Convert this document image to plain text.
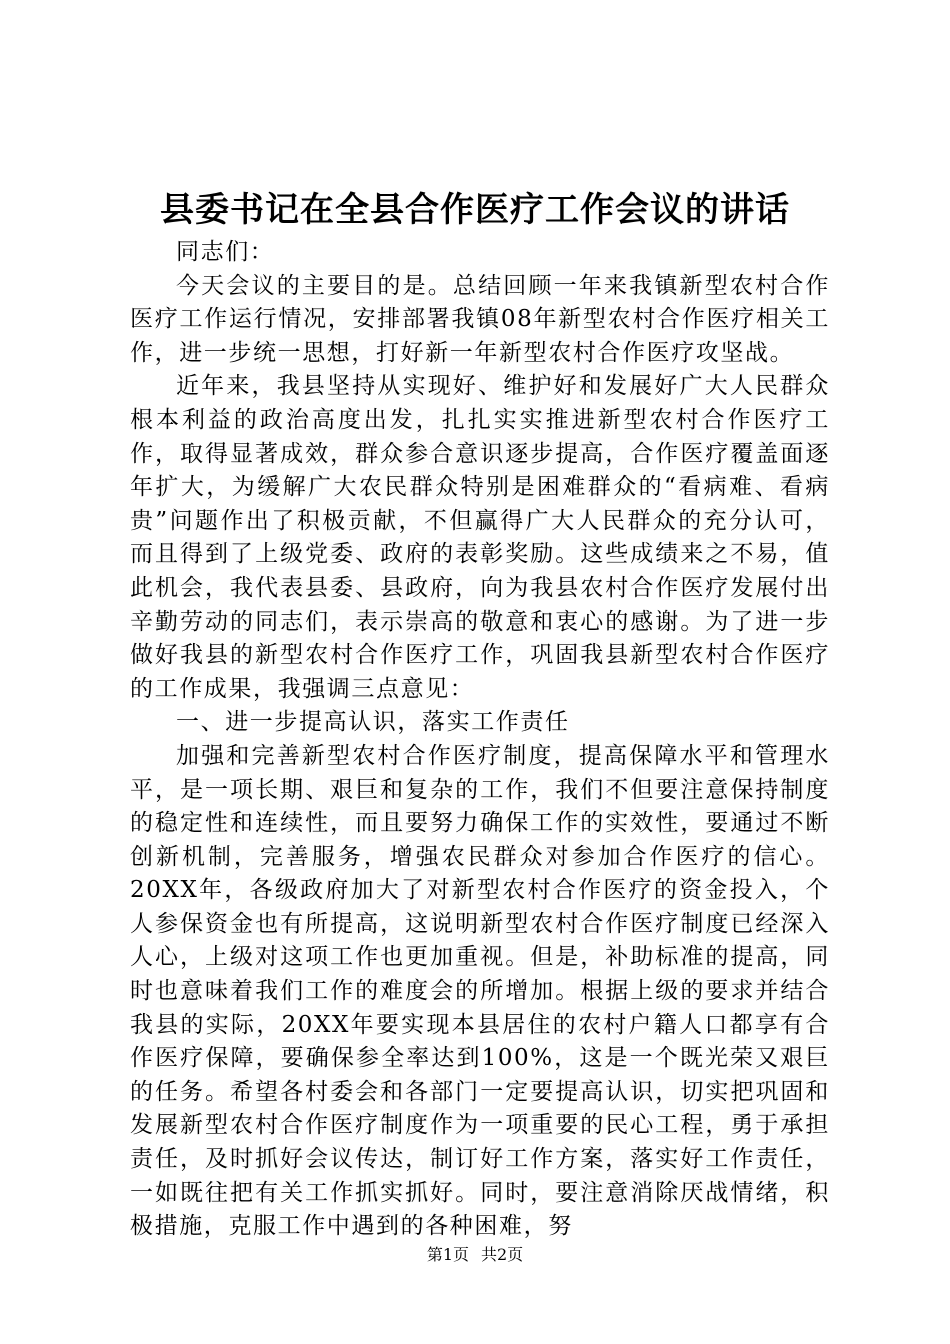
县委书记在全县合作医疗工作会议的讲话

同志们：

今天会议的主要目的是。总结回顾一年来我镇新型农村合作医疗工作运行情况，安排部署我镇08年新型农村合作医疗相关工作，进一步统一思想，打好新一年新型农村合作医疗攻坚战。

近年来，我县坚持从实现好、维护好和发展好广大人民群众根本利益的政治高度出发，扎扎实实推进新型农村合作医疗工作，取得显著成效，群众参合意识逐步提高，合作医疗覆盖面逐年扩大，为缓解广大农民群众特别是困难群众的“看病难、看病贵”问题作出了积极贡献，不但赢得广大人民群众的充分认可，而且得到了上级党委、政府的表彰奖励。这些成绩来之不易，值此机会，我代表县委、县政府，向为我县农村合作医疗发展付出辛勤劳动的同志们，表示崇高的敬意和衷心的感谢。为了进一步做好我县的新型农村合作医疗工作，巩固我县新型农村合作医疗的工作成果，我强调三点意见：

一、进一步提高认识，落实工作责任

加强和完善新型农村合作医疗制度，提高保障水平和管理水平，是一项长期、艰巨和复杂的工作，我们不但要注意保持制度的稳定性和连续性，而且要努力确保工作的实效性，要通过不断创新机制，完善服务，增强农民群众对参加合作医疗的信心。20XX年，各级政府加大了对新型农村合作医疗的资金投入，个人参保资金也有所提高，这说明新型农村合作医疗制度已经深入人心，上级对这项工作也更加重视。但是，补助标准的提高，同时也意味着我们工作的难度会的所增加。根据上级的要求并结合我县的实际，20XX年要实现本县居住的农村户籍人口都享有合作医疗保障，要确保参全率达到100%，这是一个既光荣又艰巨的任务。希望各村委会和各部门一定要提高认识，切实把巩固和发展新型农村合作医疗制度作为一项重要的民心工程，勇于承担责任，及时抓好会议传达，制订好工作方案，落实好工作责任，一如既往把有关工作抓实抓好。同时，要注意消除厌战情绪，积极措施，克服工作中遇到的各种困难，努

第1页 共2页
